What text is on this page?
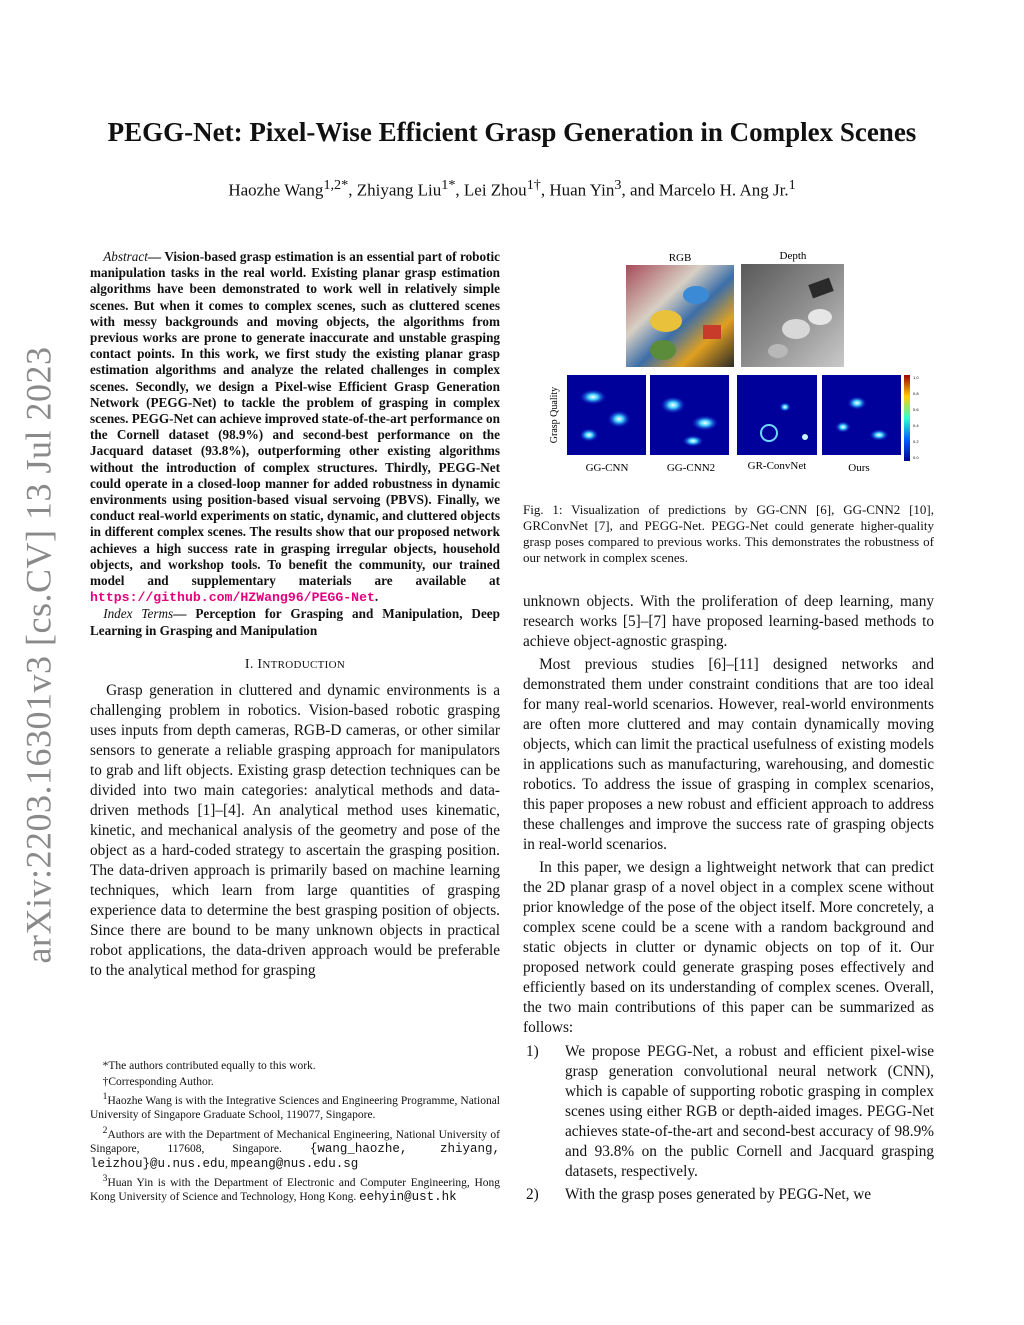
arXiv:2203.16301v3 [cs.CV] 13 Jul 2023
PEGG-Net: Pixel-Wise Efficient Grasp Generation in Complex Scenes
Haozhe Wang$^{1,2*}$, Zhiyang Liu$^{1*}$, Lei Zhou$^{1\dagger}$, Huan Yin$^3$, and Marcelo H. Ang Jr.$^1$

Abstract— Vision-based grasp estimation is an essential part of robotic manipulation tasks in the real world. Existing planar grasp estimation algorithms have been demonstrated to work well in relatively simple scenes. But when it comes to complex scenes, such as cluttered scenes with messy backgrounds and moving objects, the algorithms from previous works are prone to generate inaccurate and unstable grasping contact points. In this work, we first study the existing planar grasp estimation algorithms and analyze the related challenges in complex scenes. Secondly, we design a Pixel-wise Efficient Grasp Generation Network (PEGG-Net) to tackle the problem of grasping in complex scenes. PEGG-Net can achieve improved state-of-the-art performance on the Cornell dataset (98.9%) and second-best performance on the Jacquard dataset (93.8%), outperforming other existing algorithms without the introduction of complex structures. Thirdly, PEGG-Net could operate in a closed-loop manner for added robustness in dynamic environments using position-based visual servoing (PBVS). Finally, we conduct real-world experiments on static, dynamic, and cluttered objects in different complex scenes. The results show that our proposed network achieves a high success rate in grasping irregular objects, household objects, and workshop tools. To benefit the community, our trained model and supplementary materials are available at https://github.com/HZWang96/PEGG-Net.

Index Terms— Perception for Grasping and Manipulation, Deep Learning in Grasping and Manipulation

I. INTRODUCTION

Grasp generation in cluttered and dynamic environments is a challenging problem in robotics. Vision-based robotic grasping uses inputs from depth cameras, RGB-D cameras, or other similar sensors to generate a reliable grasping approach for manipulators to grab and lift objects. Existing grasp detection techniques can be divided into two main categories: analytical methods and data-driven methods [1]–[4]. An analytical method uses kinematic, kinetic, and mechanical analysis of the geometry and pose of the object as a hard-coded strategy to ascertain the grasping position. The data-driven approach is primarily based on machine learning techniques, which learn from large quantities of grasping experience data to determine the best grasping position of objects. Since there are bound to be many unknown objects in practical robot applications, the data-driven approach would be preferable to the analytical method for grasping

*The authors contributed equally to this work.

†Corresponding Author.

$^1$Haozhe Wang is with the Integrative Sciences and Engineering Programme, National University of Singapore Graduate School, 119077, Singapore.

$^2$Authors are with the Department of Mechanical Engineering, National University of Singapore, 117608, Singapore. {wang_haozhe, zhiyang, leizhou}@u.nus.edu, mpeang@nus.edu.sg

$^3$Huan Yin is with the Department of Electronic and Computer Engineering, Hong Kong University of Science and Technology, Hong Kong. eehyin@ust.hk

RGB	Depth
Grasp Quality
1.0
0.8
0.6
0.4
0.2
0.0
GG-CNN	GG-CNN2	GR-ConvNet	Ours

Fig. 1: Visualization of predictions by GG-CNN [6], GG-CNN2 [10], GRConvNet [7], and PEGG-Net. PEGG-Net could generate higher-quality grasp poses compared to previous works. This demonstrates the robustness of our network in complex scenes.

unknown objects. With the proliferation of deep learning, many research works [5]–[7] have proposed learning-based methods to achieve object-agnostic grasping.

Most previous studies [6]–[11] designed networks and demonstrated them under constraint conditions that are too ideal for many real-world scenarios. However, real-world environments are often more cluttered and may contain dynamically moving objects, which can limit the practical usefulness of existing models in applications such as manufacturing, warehousing, and domestic robotics. To address the issue of grasping in complex scenarios, this paper proposes a new robust and efficient approach to address these challenges and improve the success rate of grasping objects in real-world scenarios.

In this paper, we design a lightweight network that can predict the 2D planar grasp of a novel object in a complex scene without prior knowledge of the pose of the object itself. More concretely, a complex scene could be a scene with a random background and static objects in clutter or dynamic objects on top of it. Our proposed network could generate grasping poses effectively and efficiently based on its understanding of complex scenes. Overall, the two main contributions of this paper can be summarized as follows:

1) We propose PEGG-Net, a robust and efficient pixel-wise grasp generation convolutional neural network (CNN), which is capable of supporting robotic grasping in complex scenes using either RGB or depth-aided images. PEGG-Net achieves state-of-the-art and second-best accuracy of 98.9% and 93.8% on the public Cornell and Jacquard grasping datasets, respectively.
2) With the grasp poses generated by PEGG-Net, we
